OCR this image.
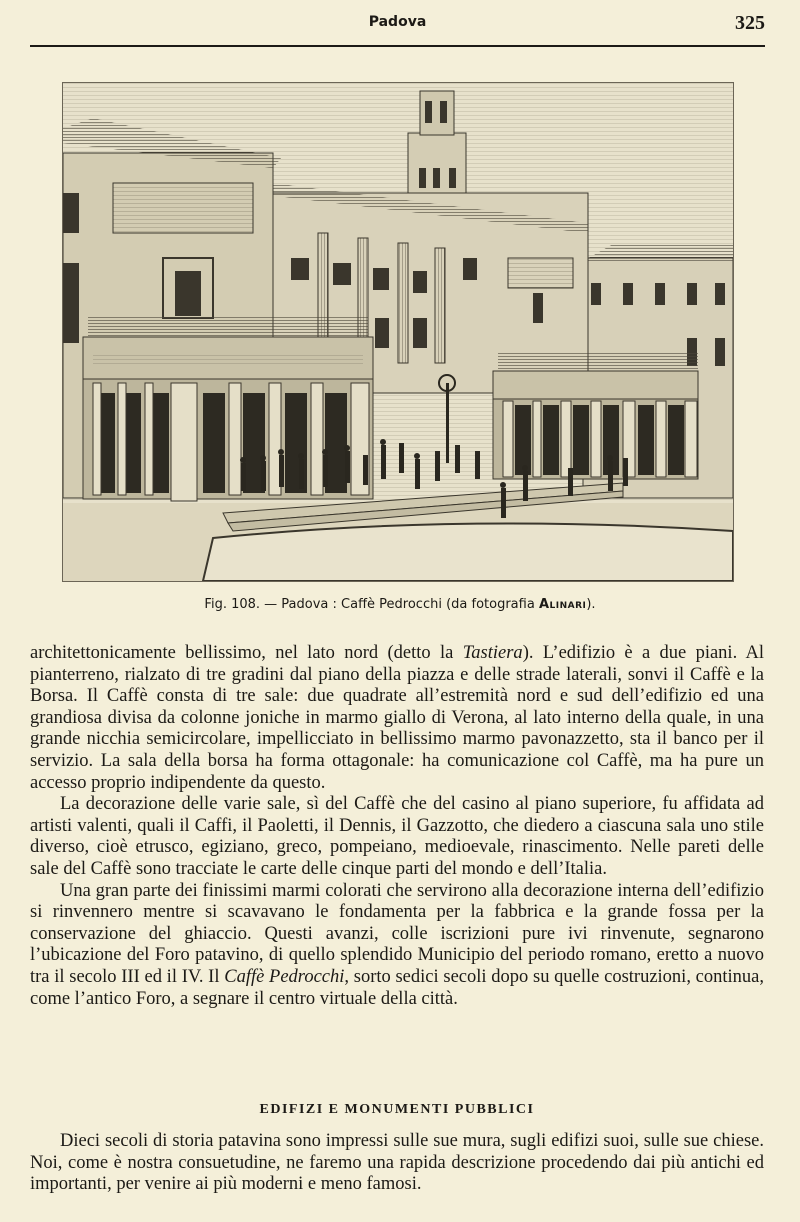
Padova	325
Fig. 108. — Padova : Caffè Pedrocchi (da fotografia Alinari).

architettonicamente bellissimo, nel lato nord (detto la Tastiera). L’edifizio è a due piani. Al pianterreno, rialzato di tre gradini dal piano della piazza e delle strade laterali, sonvi il Caffè e la Borsa. Il Caffè consta di tre sale: due quadrate all’estremità nord e sud dell’edifizio ed una grandiosa divisa da colonne joniche in marmo giallo di Verona, al lato interno della quale, in una grande nicchia semicircolare, impellicciato in bellissimo marmo pavonazzetto, sta il banco per il servizio. La sala della borsa ha forma ottagonale: ha comunicazione col Caffè, ma ha pure un accesso proprio indipendente da questo.

La decorazione delle varie sale, sì del Caffè che del casino al piano superiore, fu affidata ad artisti valenti, quali il Caffi, il Paoletti, il Dennis, il Gazzotto, che diedero a ciascuna sala uno stile diverso, cioè etrusco, egiziano, greco, pompeiano, medioevale, rinascimento. Nelle pareti delle sale del Caffè sono tracciate le carte delle cinque parti del mondo e dell’Italia.

Una gran parte dei finissimi marmi colorati che servirono alla decorazione interna dell’edifizio si rinvennero mentre si scavavano le fondamenta per la fabbrica e la grande fossa per la conservazione del ghiaccio. Questi avanzi, colle iscrizioni pure ivi rinvenute, segnarono l’ubicazione del Foro patavino, di quello splendido Municipio del periodo romano, eretto a nuovo tra il secolo III ed il IV. Il Caffè Pedrocchi, sorto sedici secoli dopo su quelle costruzioni, continua, come l’antico Foro, a segnare il centro virtuale della città.

EDIFIZI E MONUMENTI PUBBLICI

Dieci secoli di storia patavina sono impressi sulle sue mura, sugli edifizi suoi, sulle sue chiese. Noi, come è nostra consuetudine, ne faremo una rapida descrizione procedendo dai più antichi ed importanti, per venire ai più moderni e meno famosi.
